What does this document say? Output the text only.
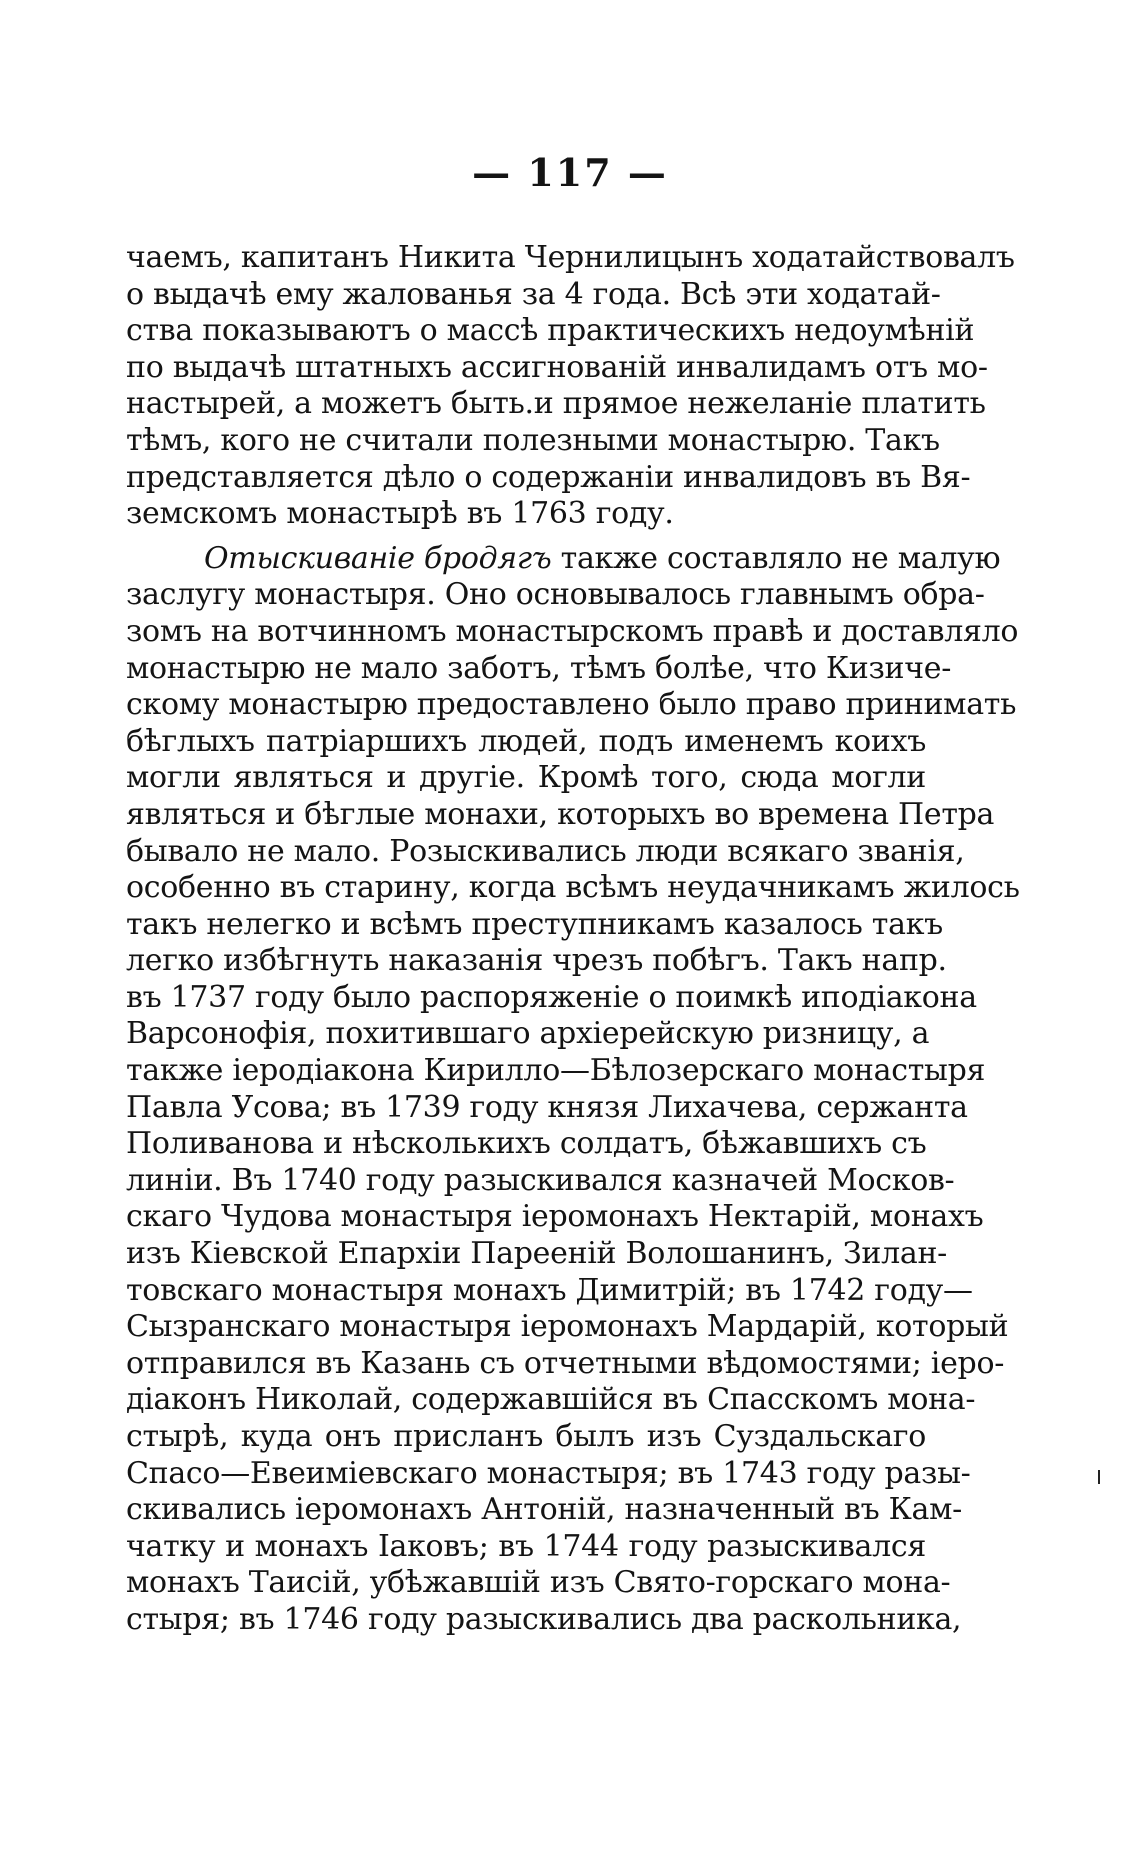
— 117 —
чаемъ, капитанъ Никита Чернилицынъ ходатайствовалъ
о выдачѣ ему жалованья за 4 года. Всѣ эти ходатай-
ства показываютъ о массѣ практическихъ недоумѣній
по выдачѣ штатныхъ ассигнованій инвалидамъ отъ мо-
настырей, а можетъ быть.и прямое нежеланіе платить
тѣмъ, кого не считали полезными монастырю. Такъ
представляется дѣло о содержаніи инвалидовъ въ Вя-
земскомъ монастырѣ въ 1763 году.
Отыскиваніе бродягъ также составляло не малую
заслугу монастыря. Оно основывалось главнымъ обра-
зомъ на вотчинномъ монастырскомъ правѣ и доставляло
монастырю не мало заботъ, тѣмъ болѣе, что Кизиче-
скому монастырю предоставлено было право принимать
бѣглыхъ патріаршихъ людей, подъ именемъ коихъ
могли являться и другіе. Кромѣ того, сюда могли
являться и бѣглые монахи, которыхъ во времена Петра
бывало не мало. Розыскивались люди всякаго званія,
особенно въ старину, когда всѣмъ неудачникамъ жилось
такъ нелегко и всѣмъ преступникамъ казалось такъ
легко избѣгнуть наказанія чрезъ побѣгъ. Такъ напр.
въ 1737 году было распоряженіе о поимкѣ иподіакона
Варсонофія, похитившаго архіерейскую ризницу, а
также іеродіакона Кирилло—Бѣлозерскаго монастыря
Павла Усова; въ 1739 году князя Лихачева, сержанта
Поливанова и нѣсколькихъ солдатъ, бѣжавшихъ съ
линіи. Въ 1740 году разыскивался казначей Москов-
скаго Чудова монастыря іеромонахъ Нектарій, монахъ
изъ Кіевской Епархіи Пареeній Волошанинъ, Зилан-
товскаго монастыря монахъ Димитрій; въ 1742 году—
Сызранскаго монастыря іеромонахъ Мардарій, который
отправился въ Казань съ отчетными вѣдомостями; іеро-
діаконъ Николай, содержавшійся въ Спасскомъ мона-
стырѣ, куда онъ присланъ былъ изъ Суздальскаго
Спасо—Евеиміевскаго монастыря; въ 1743 году разы-
скивались іеромонахъ Антоній, назначенный въ Кам-
чатку и монахъ Іаковъ; въ 1744 году разыскивался
монахъ Таисій, убѣжавшій изъ Свято-горскаго мона-
стыря; въ 1746 году разыскивались два раскольника,
